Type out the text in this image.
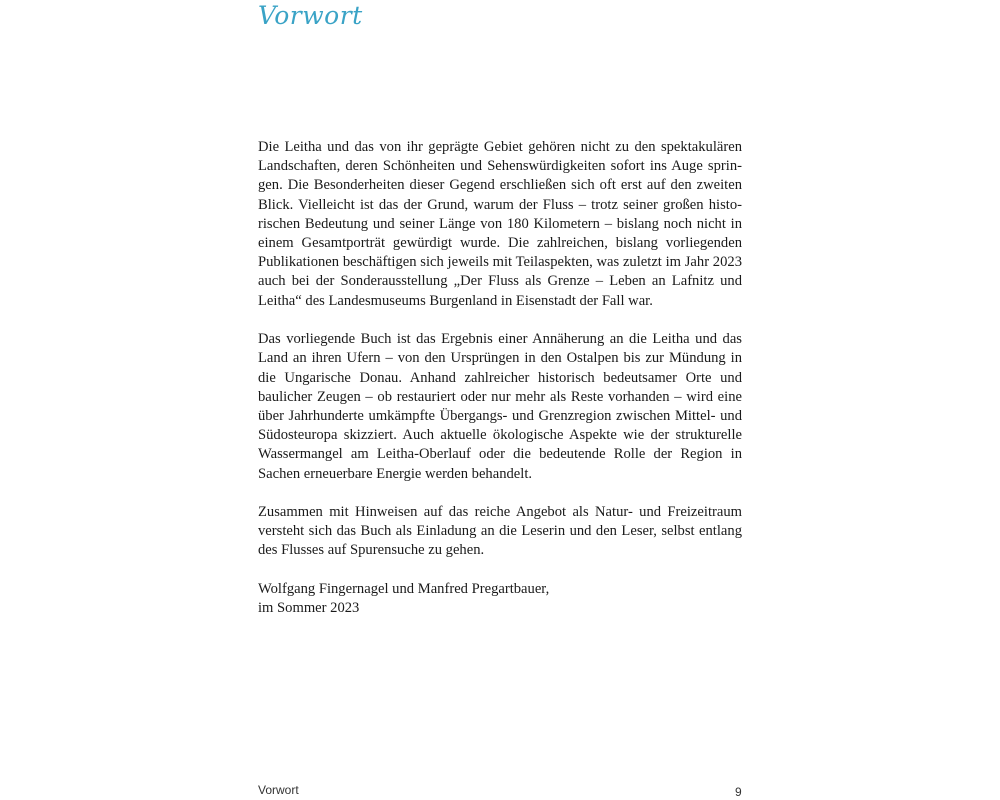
Vorwort

Die Leitha und das von ihr geprägte Gebiet gehören nicht zu den spektakulären Landschaften, deren Schönheiten und Sehenswürdigkeiten sofort ins Auge springen. Die Besonderheiten dieser Gegend erschließen sich oft erst auf den zweiten Blick. Vielleicht ist das der Grund, warum der Fluss – trotz seiner großen historischen Bedeutung und seiner Länge von 180 Kilometern – bislang noch nicht in einem Gesamtporträt gewürdigt wurde. Die zahlreichen, bislang vorliegenden Publikationen beschäftigen sich jeweils mit Teilaspekten, was zuletzt im Jahr 2023 auch bei der Sonderausstellung „Der Fluss als Grenze – Leben an Lafnitz und Leitha“ des Landesmuseums Burgenland in Eisenstadt der Fall war.

Das vorliegende Buch ist das Ergebnis einer Annäherung an die Leitha und das Land an ihren Ufern – von den Ursprüngen in den Ostalpen bis zur Mündung in die Ungarische Donau. Anhand zahlreicher historisch bedeutsamer Orte und baulicher Zeugen – ob restauriert oder nur mehr als Reste vorhanden – wird eine über Jahrhunderte umkämpfte Übergangs- und Grenzregion zwischen Mittel- und Südosteuropa skizziert. Auch aktuelle ökologische Aspekte wie der strukturelle Wassermangel am Leitha-Oberlauf oder die bedeutende Rolle der Region in Sachen erneuerbare Energie werden behandelt.

Zusammen mit Hinweisen auf das reiche Angebot als Natur- und Freizeitraum versteht sich das Buch als Einladung an die Leserin und den Leser, selbst entlang des Flusses auf Spurensuche zu gehen.

Wolfgang Fingernagel und Manfred Pregartbauer,
im Sommer 2023

Vorwort	9
